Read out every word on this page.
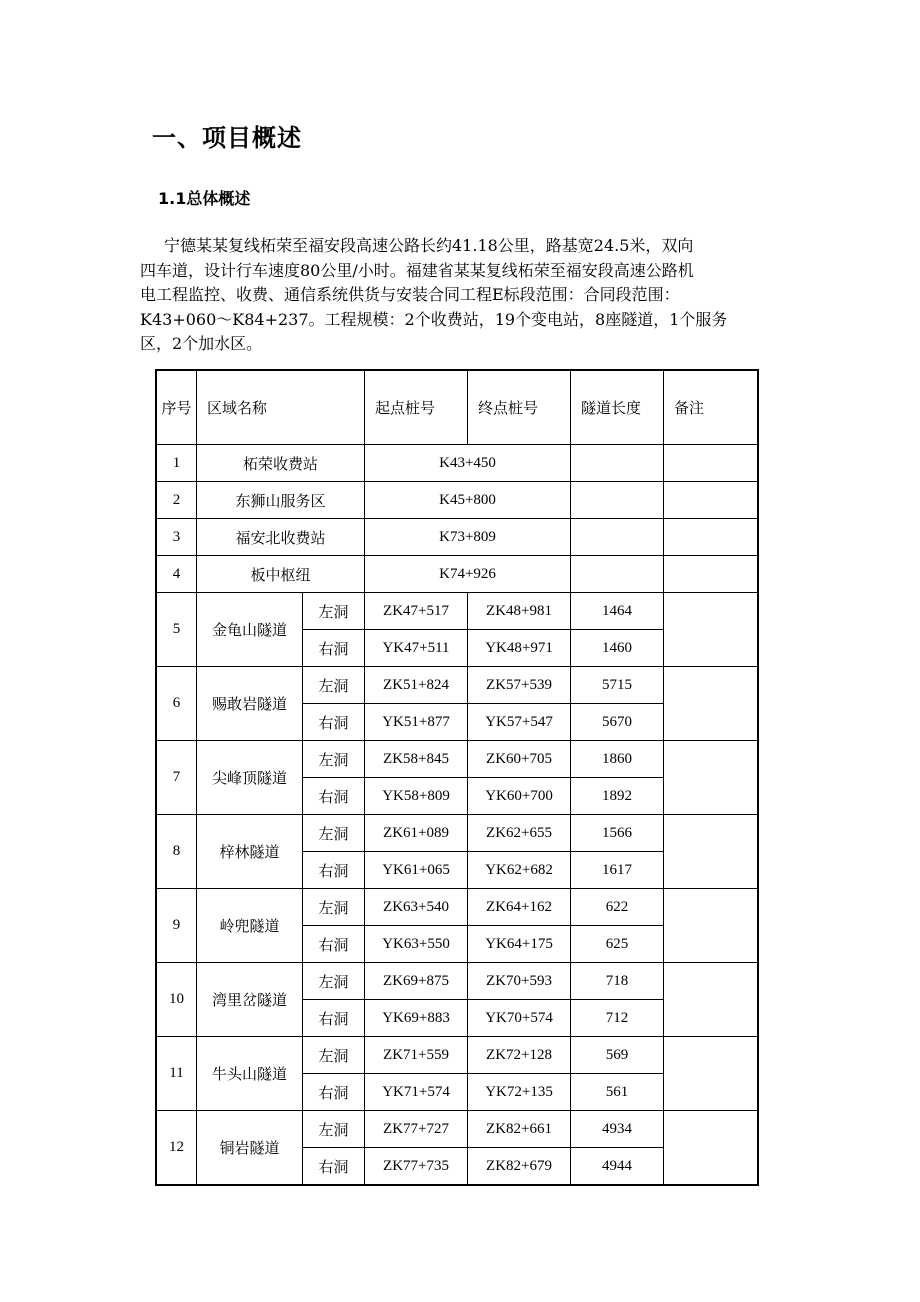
一、项目概述
1.1总体概述
宁德某某复线柘荣至福安段高速公路长约41.18公里，路基宽24.5米，双向
四车道，设计行车速度80公里/小时。福建省某某复线柘荣至福安段高速公路机
电工程监控、收费、通信系统供货与安装合同工程E标段范围：合同段范围：
K43+060～K84+237。工程规模：2个收费站，19个变电站，8座隧道，1个服务
区，2个加水区。
序号	区域名称		起点桩号	终点桩号	隧道长度	备注
1	柘荣收费站		K43+450			
2	东狮山服务区		K45+800			
3	福安北收费站		K73+809			
4	板中枢纽		K74+926			
5	金龟山隧道	左洞	ZK47+517	ZK48+981	1464	
		右洞	YK47+511	YK48+971	1460	
6	赐敢岩隧道	左洞	ZK51+824	ZK57+539	5715	
		右洞	YK51+877	YK57+547	5670	
7	尖峰顶隧道	左洞	ZK58+845	ZK60+705	1860	
		右洞	YK58+809	YK60+700	1892	
8	梓林隧道	左洞	ZK61+089	ZK62+655	1566	
		右洞	YK61+065	YK62+682	1617	
9	岭兜隧道	左洞	ZK63+540	ZK64+162	622	
		右洞	YK63+550	YK64+175	625	
10	湾里岔隧道	左洞	ZK69+875	ZK70+593	718	
		右洞	YK69+883	YK70+574	712	
11	牛头山隧道	左洞	ZK71+559	ZK72+128	569	
		右洞	YK71+574	YK72+135	561	
12	铜岩隧道	左洞	ZK77+727	ZK82+661	4934	
		右洞	ZK77+735	ZK82+679	4944	
